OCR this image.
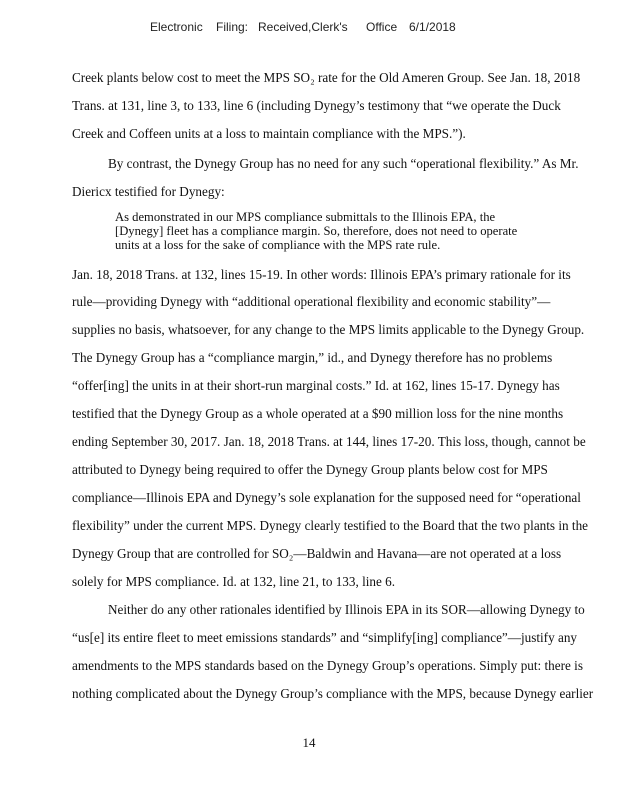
Electronic Filing: Received,Clerk's Office 6/1/2018
Creek plants below cost to meet the MPS SO₂ rate for the Old Ameren Group. See Jan. 18, 2018
Trans. at 131, line 3, to 133, line 6 (including Dynegy’s testimony that “we operate the Duck
Creek and Coffeen units at a loss to maintain compliance with the MPS.”).
By contrast, the Dynegy Group has no need for any such “operational flexibility.” As Mr.
Diericx testified for Dynegy:
As demonstrated in our MPS compliance submittals to the Illinois EPA, the
[Dynegy] fleet has a compliance margin. So, therefore, does not need to operate
units at a loss for the sake of compliance with the MPS rate rule.
Jan. 18, 2018 Trans. at 132, lines 15-19. In other words: Illinois EPA’s primary rationale for its
rule—providing Dynegy with “additional operational flexibility and economic stability”—
supplies no basis, whatsoever, for any change to the MPS limits applicable to the Dynegy Group.
The Dynegy Group has a “compliance margin,” id., and Dynegy therefore has no problems
“offer[ing] the units in at their short-run marginal costs.” Id. at 162, lines 15-17. Dynegy has
testified that the Dynegy Group as a whole operated at a $90 million loss for the nine months
ending September 30, 2017. Jan. 18, 2018 Trans. at 144, lines 17-20. This loss, though, cannot be
attributed to Dynegy being required to offer the Dynegy Group plants below cost for MPS
compliance—Illinois EPA and Dynegy’s sole explanation for the supposed need for “operational
flexibility” under the current MPS. Dynegy clearly testified to the Board that the two plants in the
Dynegy Group that are controlled for SO₂—Baldwin and Havana—are not operated at a loss
solely for MPS compliance. Id. at 132, line 21, to 133, line 6.
Neither do any other rationales identified by Illinois EPA in its SOR—allowing Dynegy to
“us[e] its entire fleet to meet emissions standards” and “simplify[ing] compliance”—justify any
amendments to the MPS standards based on the Dynegy Group’s operations. Simply put: there is
nothing complicated about the Dynegy Group’s compliance with the MPS, because Dynegy earlier
14
